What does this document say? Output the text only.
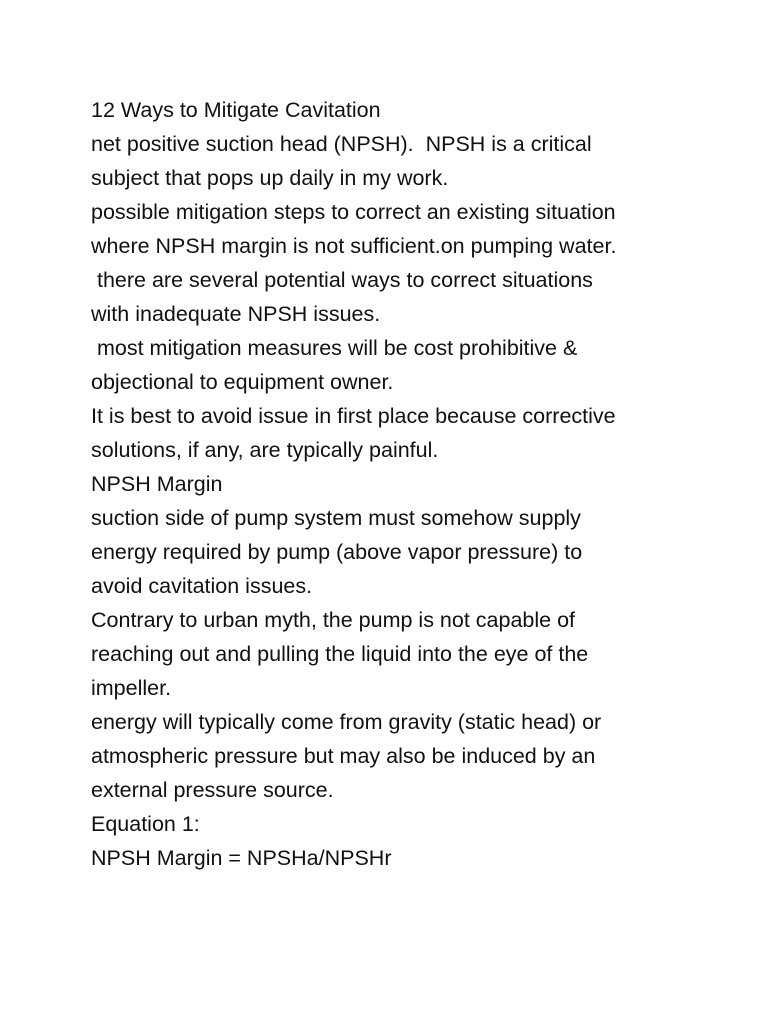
12 Ways to Mitigate Cavitation
net positive suction head (NPSH).  NPSH is a critical
subject that pops up daily in my work.
possible mitigation steps to correct an existing situation
where NPSH margin is not sufficient.on pumping water.
there are several potential ways to correct situations
with inadequate NPSH issues.
most mitigation measures will be cost prohibitive &
objectional to equipment owner.
It is best to avoid issue in first place because corrective
solutions, if any, are typically painful.
NPSH Margin
suction side of pump system must somehow supply
energy required by pump (above vapor pressure) to
avoid cavitation issues.
Contrary to urban myth, the pump is not capable of
reaching out and pulling the liquid into the eye of the
impeller.
energy will typically come from gravity (static head) or
atmospheric pressure but may also be induced by an
external pressure source.
Equation 1:
NPSH Margin = NPSHa/NPSHr
